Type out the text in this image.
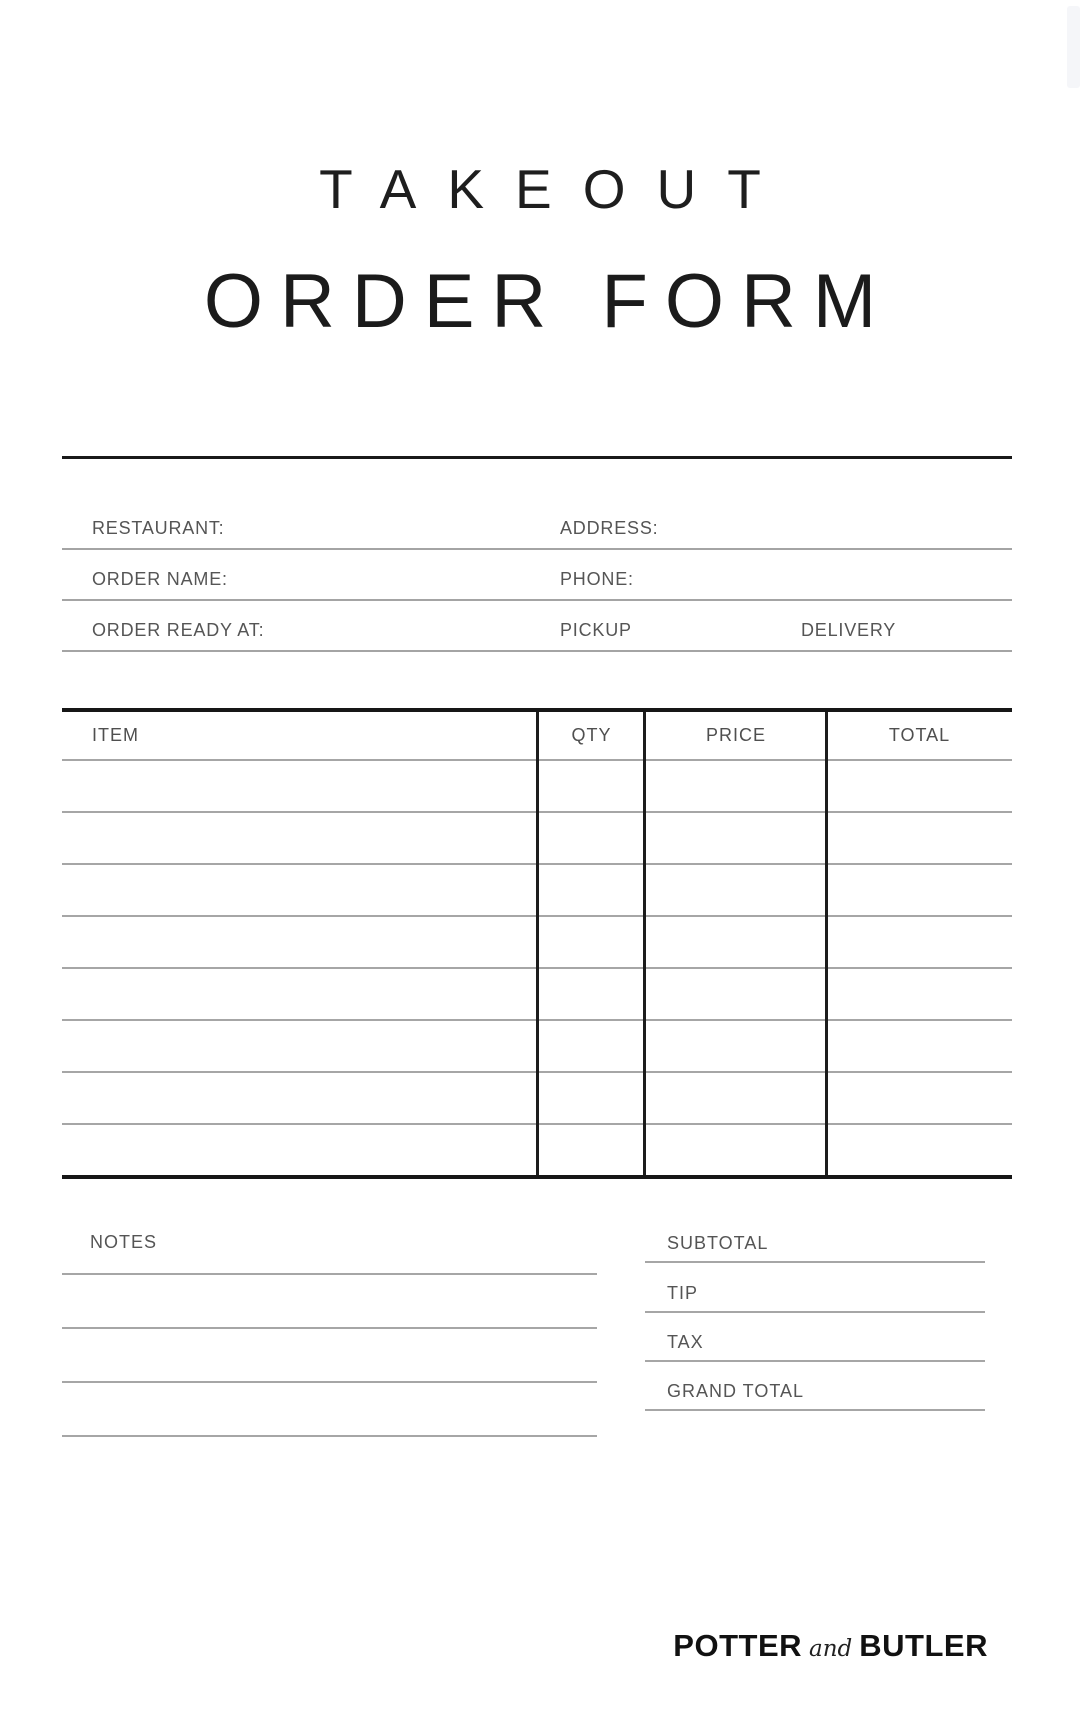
TAKEOUT
ORDER FORM
RESTAURANT:	ADDRESS:
ORDER NAME:	PHONE:
ORDER READY AT:	PICKUP	DELIVERY
ITEM	QTY	PRICE	TOTAL
NOTES	SUBTOTAL
TIP
TAX
GRAND TOTAL
POTTER and BUTLER
